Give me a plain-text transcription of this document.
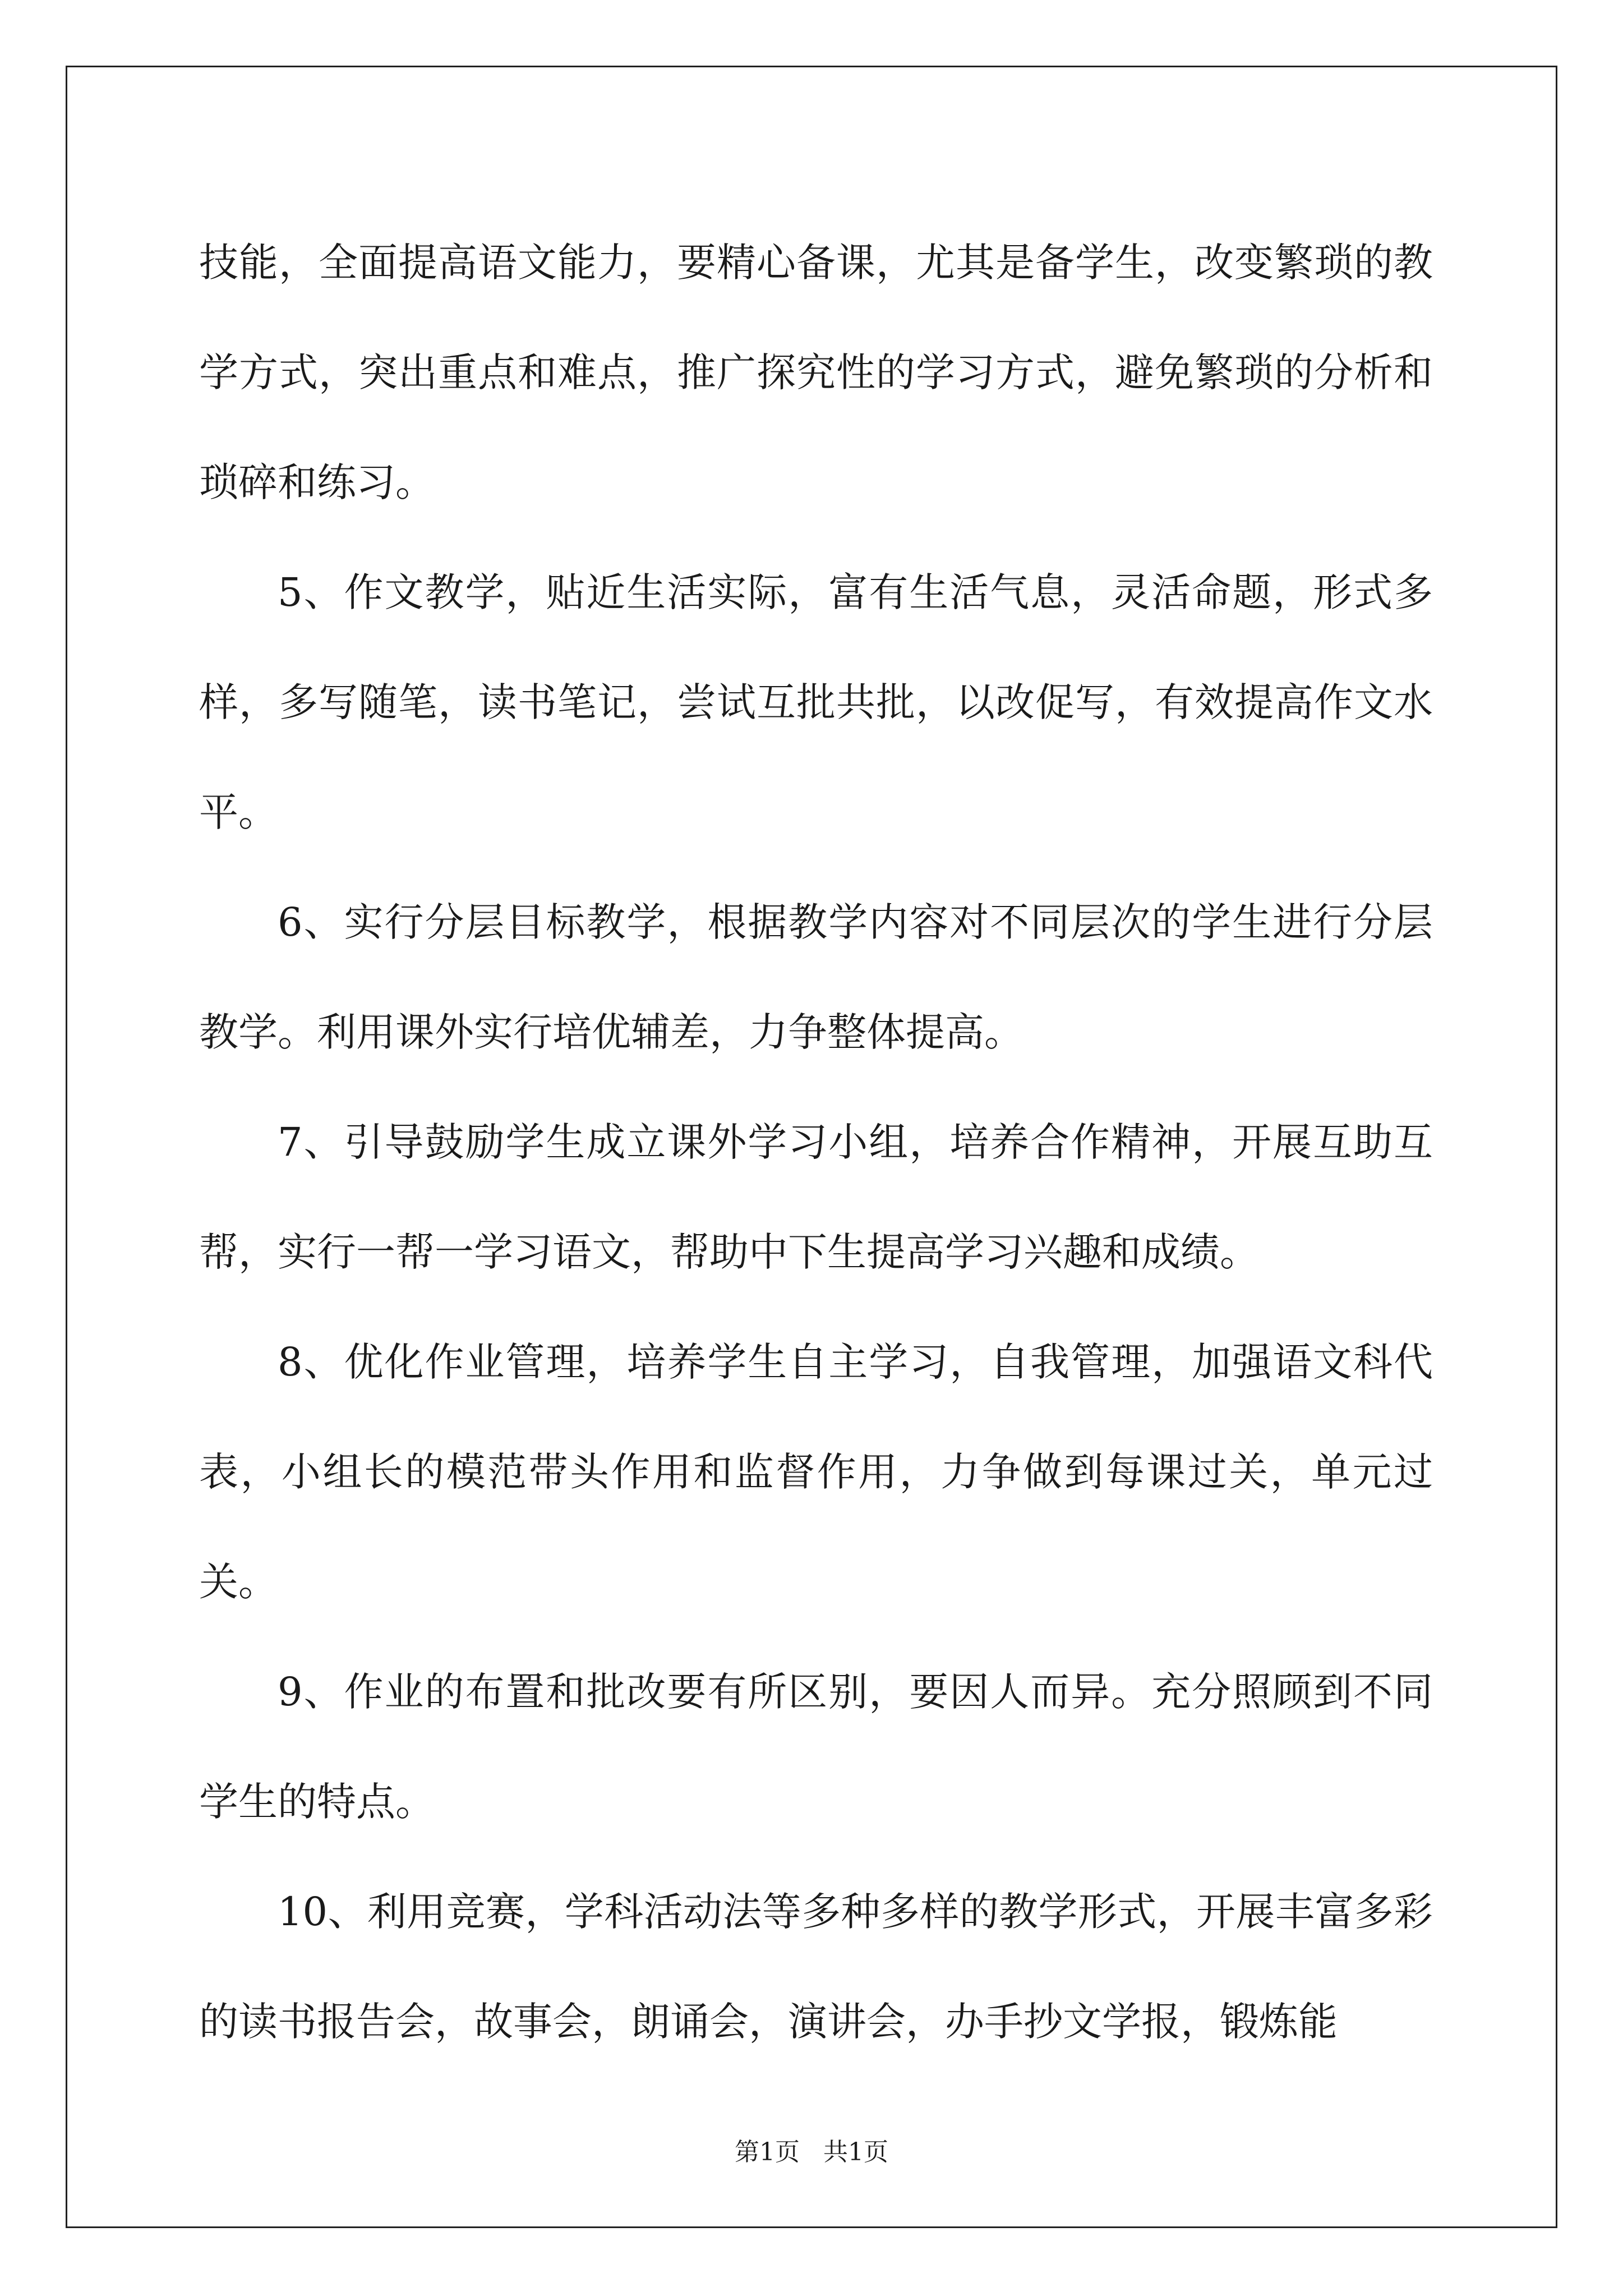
技能，全面提高语文能力，要精心备课，尤其是备学生，改变繁琐的教学方式，突出重点和难点，推广探究性的学习方式，避免繁琐的分析和琐碎和练习。

5、作文教学，贴近生活实际，富有生活气息，灵活命题，形式多样，多写随笔，读书笔记，尝试互批共批，以改促写，有效提高作文水平。

6、实行分层目标教学，根据教学内容对不同层次的学生进行分层教学。利用课外实行培优辅差，力争整体提高。

7、引导鼓励学生成立课外学习小组，培养合作精神，开展互助互帮，实行一帮一学习语文，帮助中下生提高学习兴趣和成绩。

8、优化作业管理，培养学生自主学习，自我管理，加强语文科代表，小组长的模范带头作用和监督作用，力争做到每课过关，单元过关。

9、作业的布置和批改要有所区别，要因人而异。充分照顾到不同学生的特点。

10、利用竞赛，学科活动法等多种多样的教学形式，开展丰富多彩的读书报告会，故事会，朗诵会，演讲会，办手抄文学报，锻炼能

第1页   共1页
